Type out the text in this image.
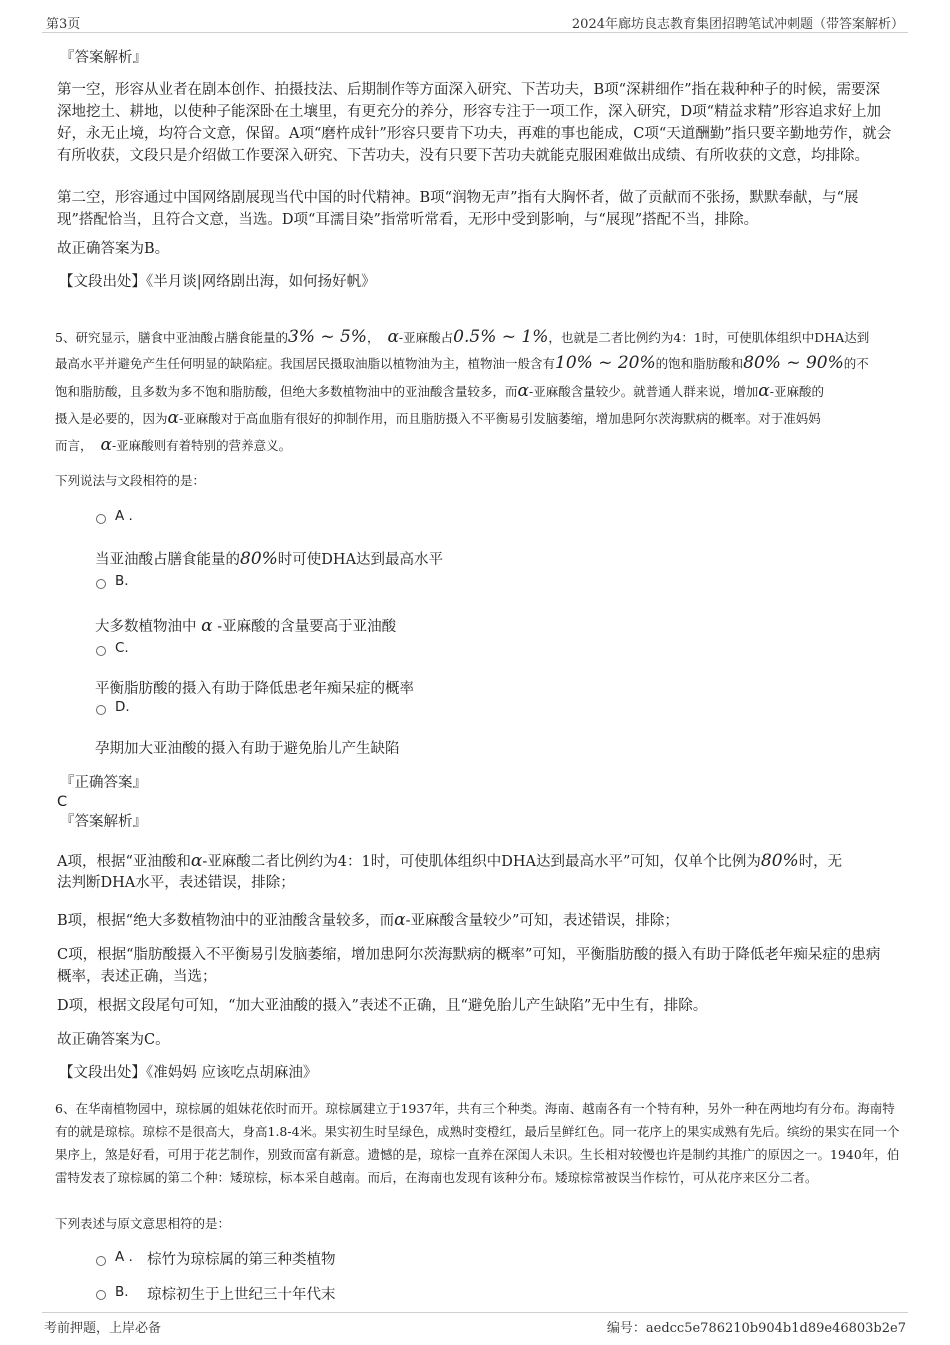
第3页	2024年廊坊良志教育集团招聘笔试冲刺题（带答案解析）

『答案解析』

第一空，形容从业者在剧本创作、拍摄技法、后期制作等方面深入研究、下苦功夫，B项“深耕细作”指在栽种种子的时候，需要深深地挖土、耕地，以使种子能深卧在土壤里，有更充分的养分，形容专注于一项工作，深入研究，D项“精益求精”形容追求好上加好，永无止境，均符合文意，保留。A项“磨杵成针”形容只要肯下功夫，再难的事也能成，C项“天道酬勤”指只要辛勤地劳作，就会有所收获，文段只是介绍做工作要深入研究、下苦功夫，没有只要下苦功夫就能克服困难做出成绩、有所收获的文意，均排除。

第二空，形容通过中国网络剧展现当代中国的时代精神。B项“润物无声”指有大胸怀者，做了贡献而不张扬，默默奉献，与“展现”搭配恰当，且符合文意，当选。D项“耳濡目染”指常听常看，无形中受到影响，与“展现”搭配不当，排除。

故正确答案为B。

【文段出处】《半月谈|网络剧出海，如何扬好帆》

5、研究显示，膳食中亚油酸占膳食能量的3% ~ 5%， α-亚麻酸占0.5% ~ 1%，也就是二者比例约为4：1时，可使肌体组织中DHA达到
最高水平并避免产生任何明显的缺陷症。我国居民摄取油脂以植物油为主，植物油一般含有10% ~ 20%的饱和脂肪酸和80% ~ 90%的不
饱和脂肪酸，且多数为多不饱和脂肪酸，但绝大多数植物油中的亚油酸含量较多，而α-亚麻酸含量较少。就普通人群来说，增加α-亚麻酸的
摄入是必要的，因为α-亚麻酸对于高血脂有很好的抑制作用，而且脂肪摄入不平衡易引发脑萎缩，增加患阿尔茨海默病的概率。对于准妈妈
而言， α-亚麻酸则有着特别的营养意义。

下列说法与文段相符的是：

A .
当亚油酸占膳食能量的80%时可使DHA达到最高水平
B.
大多数植物油中 α -亚麻酸的含量要高于亚油酸
C.
平衡脂肪酸的摄入有助于降低患老年痴呆症的概率
D.
孕期加大亚油酸的摄入有助于避免胎儿产生缺陷

『正确答案』

C

『答案解析』

A项，根据“亚油酸和α-亚麻酸二者比例约为4：1时，可使肌体组织中DHA达到最高水平”可知，仅单个比例为80%时，无

法判断DHA水平，表述错误，排除；

B项，根据“绝大多数植物油中的亚油酸含量较多，而α-亚麻酸含量较少”可知，表述错误，排除；

C项，根据“脂肪酸摄入不平衡易引发脑萎缩，增加患阿尔茨海默病的概率”可知，平衡脂肪酸的摄入有助于降低老年痴呆症的患病概率，表述正确，当选；

D项，根据文段尾句可知，“加大亚油酸的摄入”表述不正确，且“避免胎儿产生缺陷”无中生有，排除。

故正确答案为C。

【文段出处】《准妈妈 应该吃点胡麻油》

6、在华南植物园中，琼棕属的姐妹花依时而开。琼棕属建立于1937年，共有三个种类。海南、越南各有一个特有种，另外一种在两地均有分布。海南特有的就是琼棕。琼棕不是很高大，身高1.8-4米。果实初生时呈绿色，成熟时变橙红，最后呈鲜红色。同一花序上的果实成熟有先后。缤纷的果实在同一个果序上，煞是好看，可用于花艺制作，别致而富有新意。遗憾的是，琼棕一直养在深闺人未识。生长相对较慢也许是制约其推广的原因之一。1940年，伯雷特发表了琼棕属的第二个种：矮琼棕，标本采自越南。而后，在海南也发现有该种分布。矮琼棕常被误当作棕竹，可从花序来区分二者。

下列表述与原文意思相符的是：

A . 棕竹为琼棕属的第三种类植物
B. 琼棕初生于上世纪三十年代末
考前押题，上岸必备	编号：aedcc5e786210b904b1d89e46803b2e7
